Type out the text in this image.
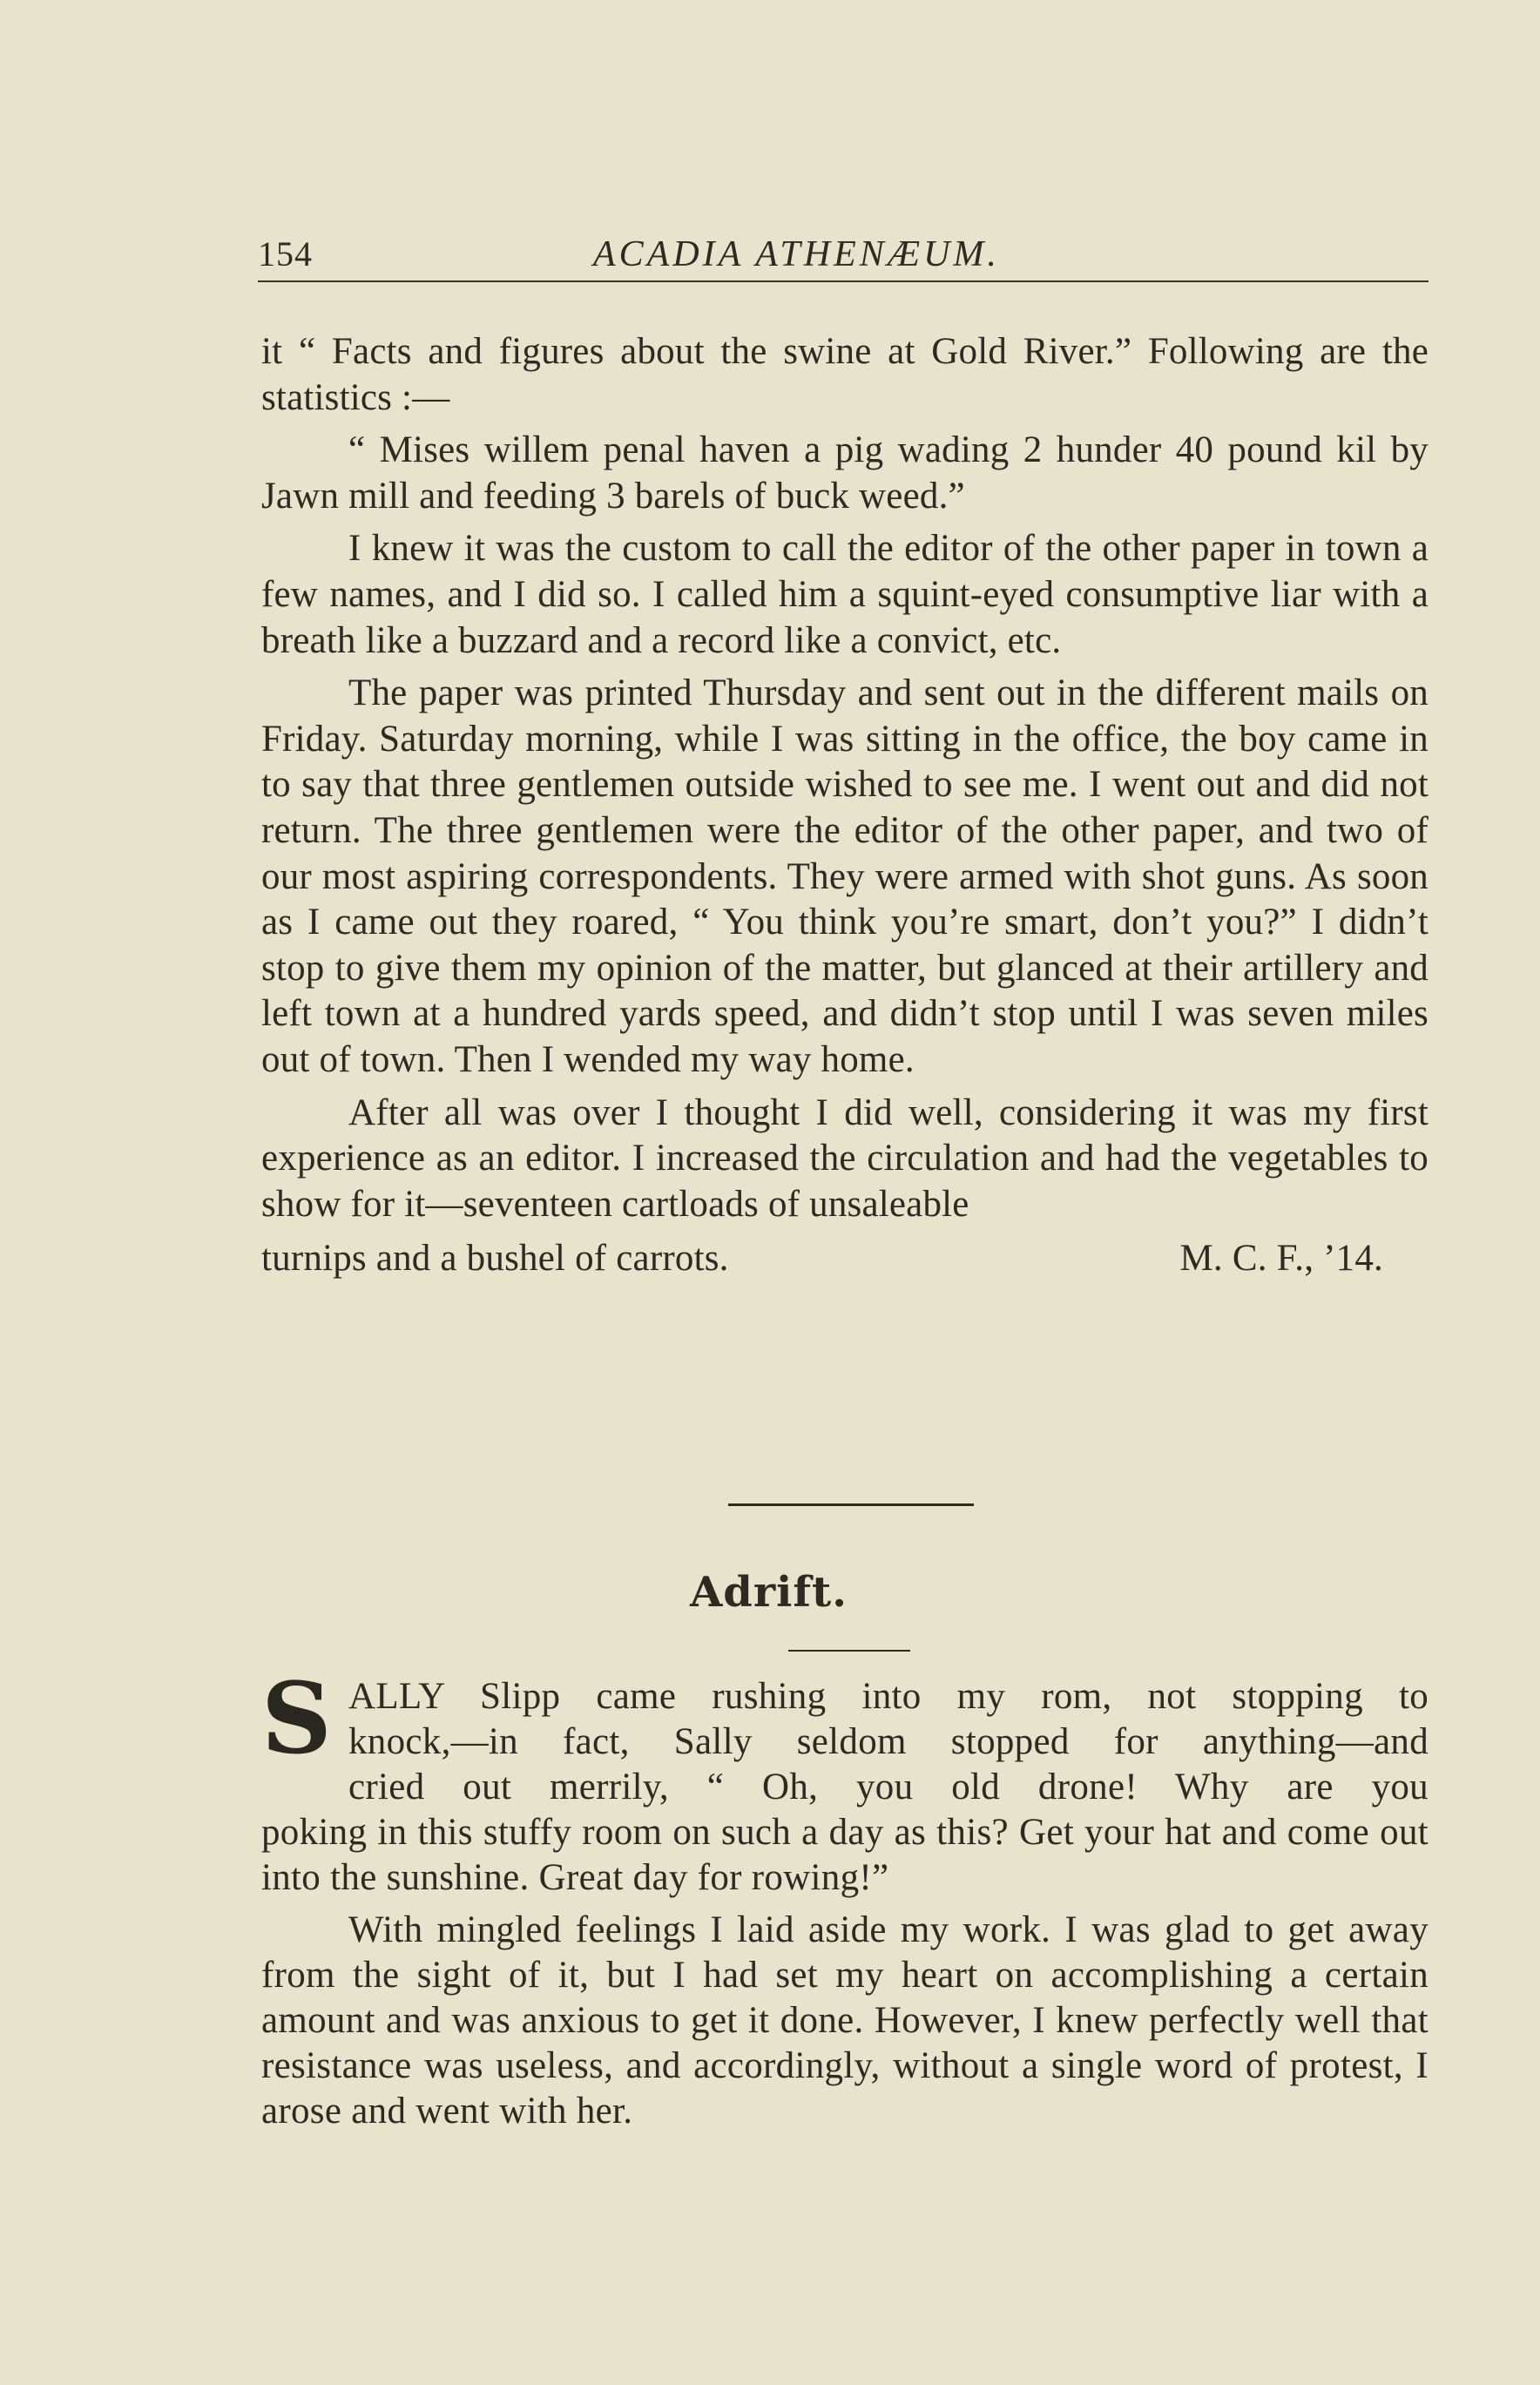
154	ACADIA ATHENÆUM.

it “ Facts and figures about the swine at Gold River.” Following are the statistics :—

“ Mises willem penal haven a pig wading 2 hunder 40 pound kil by Jawn mill and feeding 3 barels of buck weed.”

I knew it was the custom to call the editor of the other paper in town a few names, and I did so. I called him a squint-eyed consumptive liar with a breath like a buzzard and a record like a convict, etc.

The paper was printed Thursday and sent out in the different mails on Friday. Saturday morning, while I was sitting in the office, the boy came in to say that three gentlemen outside wished to see me. I went out and did not return. The three gentlemen were the editor of the other paper, and two of our most aspiring correspondents. They were armed with shot guns. As soon as I came out they roared, “ You think you’re smart, don’t you?” I didn’t stop to give them my opinion of the matter, but glanced at their artillery and left town at a hundred yards speed, and didn’t stop until I was seven miles out of town. Then I wended my way home.

After all was over I thought I did well, considering it was my first experience as an editor. I increased the circulation and had the vegetables to show for it—seventeen cartloads of unsaleable

turnips and a bushel of carrots.	M. C. F., ’14.

Adrift.
S ALLY Slipp came rushing into my rom, not stopping to

knock,—in fact, Sally seldom stopped for anything—and

cried out merrily, “ Oh, you old drone! Why are you

poking in this stuffy room on such a day as this? Get your hat and come out into the sunshine. Great day for rowing!”

With mingled feelings I laid aside my work. I was glad to get away from the sight of it, but I had set my heart on accomplishing a certain amount and was anxious to get it done. However, I knew perfectly well that resistance was useless, and accordingly, without a single word of protest, I arose and went with her.
